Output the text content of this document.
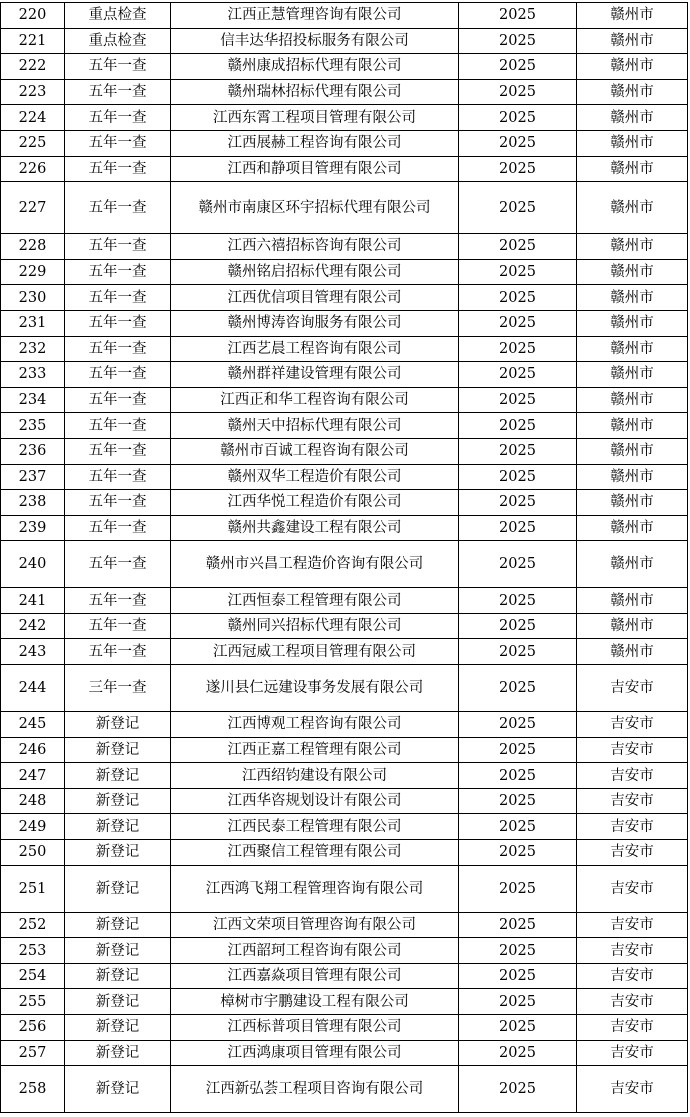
220	重点检查	江西正慧管理咨询有限公司	2025	赣州市
221	重点检查	信丰达华招投标服务有限公司	2025	赣州市
222	五年一查	赣州康成招标代理有限公司	2025	赣州市
223	五年一查	赣州瑞林招标代理有限公司	2025	赣州市
224	五年一查	江西东霄工程项目管理有限公司	2025	赣州市
225	五年一查	江西展赫工程咨询有限公司	2025	赣州市
226	五年一查	江西和静项目管理有限公司	2025	赣州市
227	五年一查	赣州市南康区环宇招标代理有限公司	2025	赣州市
228	五年一查	江西六禧招标咨询有限公司	2025	赣州市
229	五年一查	赣州铭启招标代理有限公司	2025	赣州市
230	五年一查	江西优信项目管理有限公司	2025	赣州市
231	五年一查	赣州博涛咨询服务有限公司	2025	赣州市
232	五年一查	江西艺晨工程咨询有限公司	2025	赣州市
233	五年一查	赣州群祥建设管理有限公司	2025	赣州市
234	五年一查	江西正和华工程咨询有限公司	2025	赣州市
235	五年一查	赣州天中招标代理有限公司	2025	赣州市
236	五年一查	赣州市百诚工程咨询有限公司	2025	赣州市
237	五年一查	赣州双华工程造价有限公司	2025	赣州市
238	五年一查	江西华悦工程造价有限公司	2025	赣州市
239	五年一查	赣州共鑫建设工程有限公司	2025	赣州市
240	五年一查	赣州市兴昌工程造价咨询有限公司	2025	赣州市
241	五年一查	江西恒泰工程管理有限公司	2025	赣州市
242	五年一查	赣州同兴招标代理有限公司	2025	赣州市
243	五年一查	江西冠威工程项目管理有限公司	2025	赣州市
244	三年一查	遂川县仁远建设事务发展有限公司	2025	吉安市
245	新登记	江西博观工程咨询有限公司	2025	吉安市
246	新登记	江西正嘉工程管理有限公司	2025	吉安市
247	新登记	江西绍钧建设有限公司	2025	吉安市
248	新登记	江西华咨规划设计有限公司	2025	吉安市
249	新登记	江西民泰工程管理有限公司	2025	吉安市
250	新登记	江西聚信工程管理有限公司	2025	吉安市
251	新登记	江西鸿飞翔工程管理咨询有限公司	2025	吉安市
252	新登记	江西文荣项目管理咨询有限公司	2025	吉安市
253	新登记	江西韶珂工程咨询有限公司	2025	吉安市
254	新登记	江西嘉焱项目管理有限公司	2025	吉安市
255	新登记	樟树市宇鹏建设工程有限公司	2025	吉安市
256	新登记	江西标普项目管理有限公司	2025	吉安市
257	新登记	江西鸿康项目管理有限公司	2025	吉安市
258	新登记	江西新弘荟工程项目咨询有限公司	2025	吉安市
